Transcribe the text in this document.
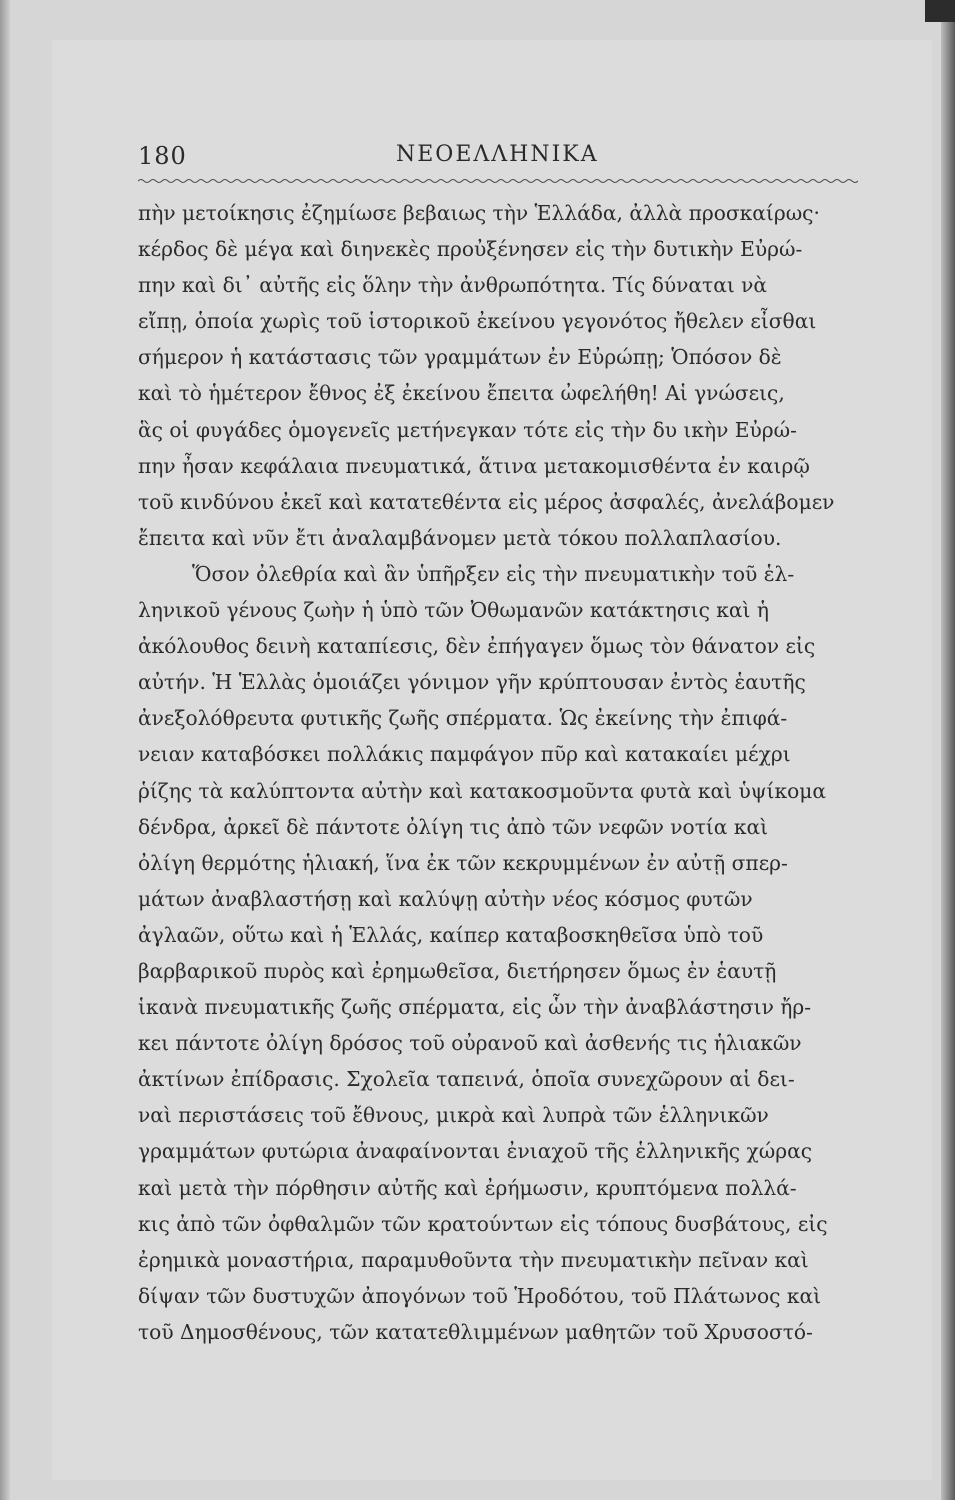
180	ΝΕΟΕΛΛΗΝΙΚΑ
πὴν μετοίκησις ἐζημίωσε βεβαιως τὴν Ἑλλάδα, ἀλλὰ προσκαίρως·
κέρδος δὲ μέγα καὶ διηνεκὲς προὐξένησεν εἰς τὴν δυτικὴν Εὐρώ-
πην καὶ δι᾽ αὐτῆς εἰς ὅλην τὴν ἀνθρωπότητα. Τίς δύναται νὰ
εἴπῃ, ὁποία χωρὶς τοῦ ἱστορικοῦ ἐκείνου γεγονότος ἤθελεν εἶσθαι
σήμερον ἡ κατάστασις τῶν γραμμάτων ἐν Εὐρώπῃ; Ὁπόσον δὲ
καὶ τὸ ἡμέτερον ἔθνος ἐξ ἐκείνου ἔπειτα ὠφελήθη! Αἱ γνώσεις,
ἃς οἱ φυγάδες ὁμογενεῖς μετήνεγκαν τότε εἰς τὴν δυ ικὴν Εὐρώ-
πην ἦσαν κεφάλαια πνευματικά, ἅτινα μετακομισθέντα ἐν καιρῷ
τοῦ κινδύνου ἐκεῖ καὶ κατατεθέντα εἰς μέρος ἀσφαλές, ἀνελάβομεν
ἔπειτα καὶ νῦν ἔτι ἀναλαμβάνομεν μετὰ τόκου πολλαπλασίου.
Ὅσον ὀλεθρία καὶ ἂν ὑπῆρξεν εἰς τὴν πνευματικὴν τοῦ ἑλ-
ληνικοῦ γένους ζωὴν ἡ ὑπὸ τῶν Ὀθωμανῶν κατάκτησις καὶ ἡ
ἀκόλουθος δεινὴ καταπίεσις, δὲν ἐπήγαγεν ὅμως τὸν θάνατον εἰς
αὐτήν. Ἡ Ἑλλὰς ὁμοιάζει γόνιμον γῆν κρύπτουσαν ἐντὸς ἑαυτῆς
ἀνεξολόθρευτα φυτικῆς ζωῆς σπέρματα. Ὡς ἐκείνης τὴν ἐπιφά-
νειαν καταβόσκει πολλάκις παμφάγον πῦρ καὶ κατακαίει μέχρι
ῥίζης τὰ καλύπτοντα αὐτὴν καὶ κατακοσμοῦντα φυτὰ καὶ ὑψίκομα
δένδρα, ἀρκεῖ δὲ πάντοτε ὀλίγη τις ἀπὸ τῶν νεφῶν νοτία καὶ
ὀλίγη θερμότης ἡλιακή, ἵνα ἐκ τῶν κεκρυμμένων ἐν αὐτῇ σπερ-
μάτων ἀναβλαστήσῃ καὶ καλύψῃ αὐτὴν νέος κόσμος φυτῶν
ἀγλαῶν, οὕτω καὶ ἡ Ἑλλάς, καίπερ καταβοσκηθεῖσα ὑπὸ τοῦ
βαρβαρικοῦ πυρὸς καὶ ἐρημωθεῖσα, διετήρησεν ὅμως ἐν ἑαυτῇ
ἱκανὰ πνευματικῆς ζωῆς σπέρματα, εἰς ὧν τὴν ἀναβλάστησιν ἤρ-
κει πάντοτε ὀλίγη δρόσος τοῦ οὐρανοῦ καὶ ἀσθενής τις ἡλιακῶν
ἀκτίνων ἐπίδρασις. Σχολεῖα ταπεινά, ὁποῖα συνεχῶρουν αἱ δει-
ναὶ περιστάσεις τοῦ ἔθνους, μικρὰ καὶ λυπρὰ τῶν ἑλληνικῶν
γραμμάτων φυτώρια ἀναφαίνονται ἐνιαχοῦ τῆς ἑλληνικῆς χώρας
καὶ μετὰ τὴν πόρθησιν αὐτῆς καὶ ἐρήμωσιν, κρυπτόμενα πολλά-
κις ἀπὸ τῶν ὀφθαλμῶν τῶν κρατούντων εἰς τόπους δυσβάτους, εἰς
ἐρημικὰ μοναστήρια, παραμυθοῦντα τὴν πνευματικὴν πεῖναν καὶ
δίψαν τῶν δυστυχῶν ἀπογόνων τοῦ Ἡροδότου, τοῦ Πλάτωνος καὶ
τοῦ Δημοσθένους, τῶν κατατεθλιμμένων μαθητῶν τοῦ Χρυσοστό-
